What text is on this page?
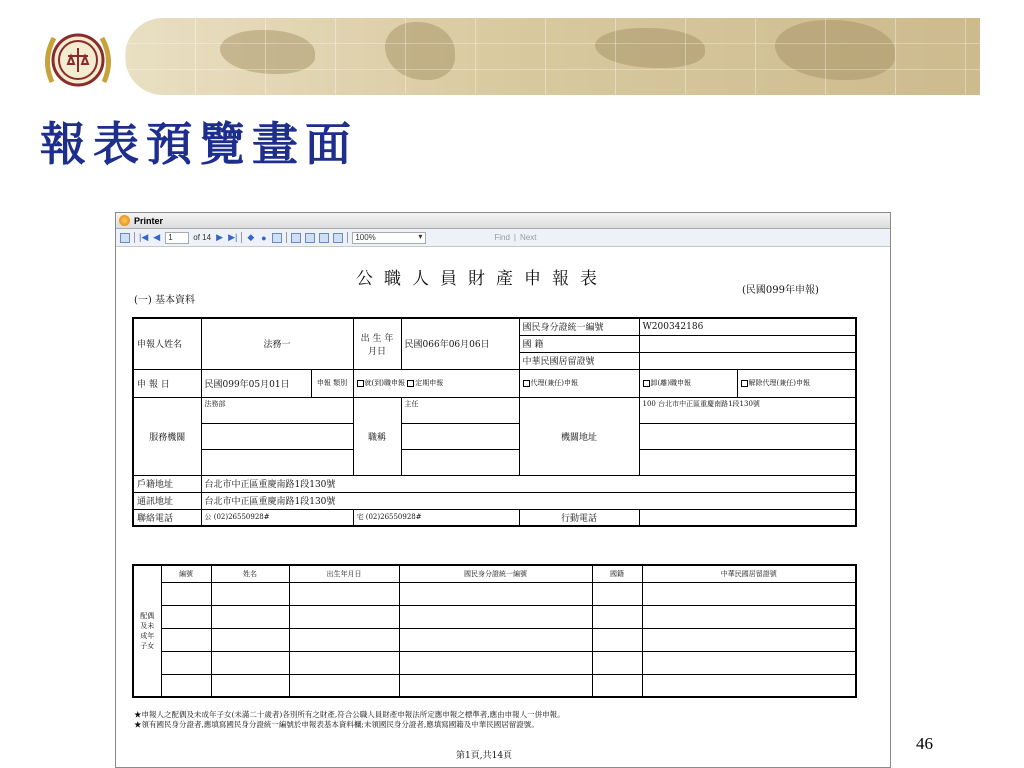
報表預覽畫面
Printer
|◀ ◀	1	of 14 ▶ ▶| ◆ ●	100% ▾	Find | Next
公職人員財產申報表
(民國099年申報)
(一) 基本資料
申報人姓名	法務一		出 生 年月日	民國066年06月06日	國民身分證統一編號	W200342186	
					國 籍		
					中華民國居留證號		
申 報 日	民國099年05月01日	申報 類別	就(到)職申報 定期申報		代理(兼任)申報	卸(離)職申報	解除代理(兼任)申報
服務機關	法務部		職稱	主任	機關地址	100 台北市中正區重慶南路1段130號	

戶籍地址	台北市中正區重慶南路1段130號						
通訊地址	台北市中正區重慶南路1段130號						
聯絡電話	公 (02)26550928#		宅 (02)26550928#		行動電話		
配偶及未成年子女	編號	姓名	出生年月日	國民身分證統一編號	國籍	中華民國居留證號

★申報人之配偶及未成年子女(未滿二十歲者)各別所有之財產,符合公職人員財產申報法所定應申報之標準者,應由申報人一併申報。
★領有國民身分證者,應填寫國民身分證統一編號於申報表基本資料欄;未領國民身分證者,應填寫國籍及中華民國居留證號。
第1頁,共14頁
46
